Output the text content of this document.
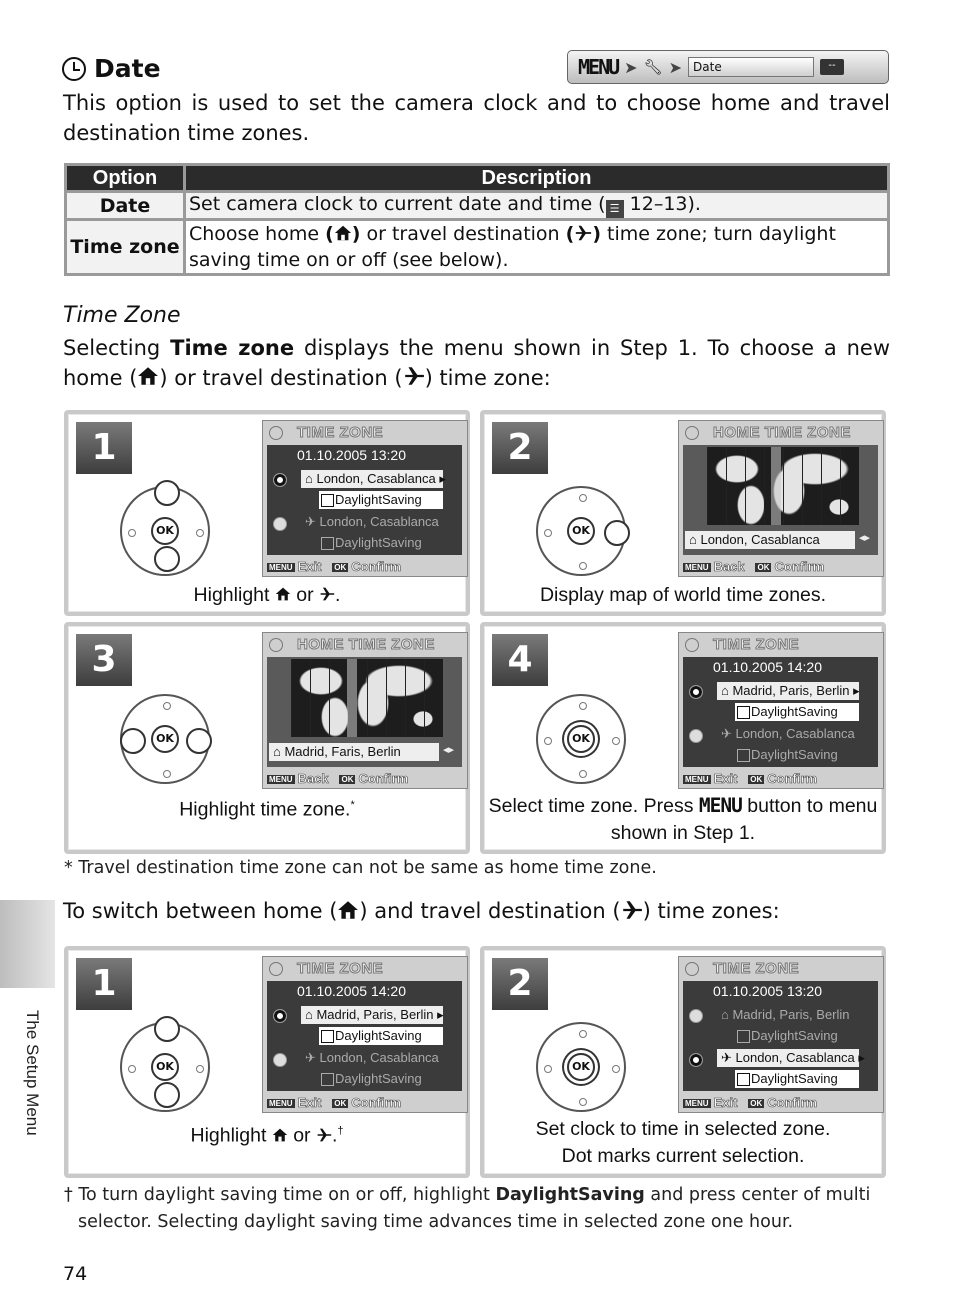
Date	MENU ➤ 🔧︎ ➤ Date	--
This option is used to set the camera clock and to choose home and travel destination time zones.
Option	Description
Date	Set camera clock to current date and time ( ☰ 12–13).
Time zone	Choose home ( ) or travel destination ( ) time zone; turn daylight saving time on or off (see below).
Time Zone
Selecting Time zone displays the menu shown in Step 1. To choose a new home ( ) or travel destination ( ) time zone:
1
OK
TIME ZONE
01.10.2005 13:20
⌂ London, Casablanca ▸
DaylightSaving
✈ London, Casablanca
DaylightSaving
MENU Exit OK Confirm
Highlight  or .
2
OK
HOME TIME ZONE
⌂ London, Casablanca	◂▸
MENU Back OK Confirm
Display map of world time zones.
3
OK
HOME TIME ZONE
⌂ Madrid, Faris, Berlin	◂▸
MENU Back OK Confirm
Highlight time zone.*
4
OK
TIME ZONE
01.10.2005 14:20
⌂ Madrid, Paris, Berlin ▸
DaylightSaving
✈ London, Casablanca
DaylightSaving
MENU Exit OK Confirm
Select time zone. Press MENU button to menu shown in Step 1.
* Travel destination time zone can not be same as home time zone.
To switch between home ( ) and travel destination ( ) time zones:
1
OK
TIME ZONE
01.10.2005 14:20
⌂ Madrid, Paris, Berlin ▸
DaylightSaving
✈ London, Casablanca
DaylightSaving
MENU Exit OK Confirm
Highlight  or .†
2
OK
TIME ZONE
01.10.2005 13:20
⌂ Madrid, Paris, Berlin
DaylightSaving
✈ London, Casablanca ▸
DaylightSaving
MENU Exit OK Confirm
Set clock to time in selected zone.
Dot marks current selection.
† To turn daylight saving time on or off, highlight DaylightSaving and press center of multi selector. Selecting daylight saving time advances time in selected zone one hour.
The Setup Menu
74
